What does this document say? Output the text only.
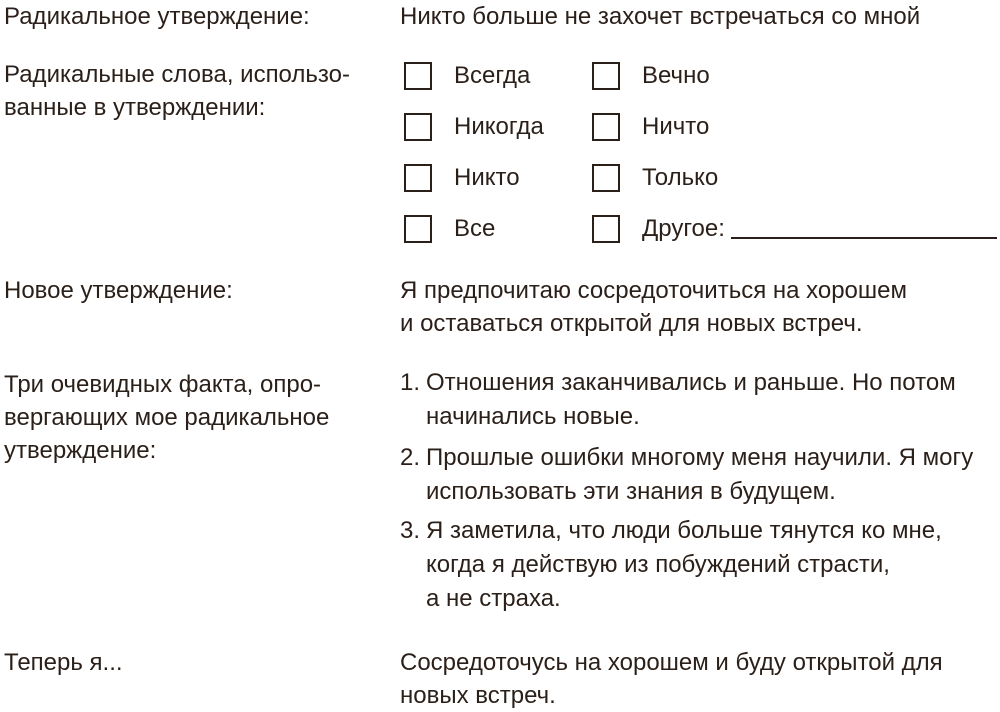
Радикальное утверждение:	Никто больше не захочет встречаться со мной
Радикальные слова, использо-
ванные в утверждении:
Всегда	Вечно
Никогда	Ничто
Никто	Только
Все	Другое:
Новое утверждение:	Я предпочитаю сосредоточиться на хорошем
и оставаться открытой для новых встреч.
Три очевидных факта, опро-
вергающих мое радикальное
утверждение:
1. Отношения заканчивались и раньше. Но потом
начинались новые.
2. Прошлые ошибки многому меня научили. Я могу
использовать эти знания в будущем.
3. Я заметила, что люди больше тянутся ко мне,
когда я действую из побуждений страсти,
а не страха.
Теперь я...	Сосредоточусь на хорошем и буду открытой для
новых встреч.
